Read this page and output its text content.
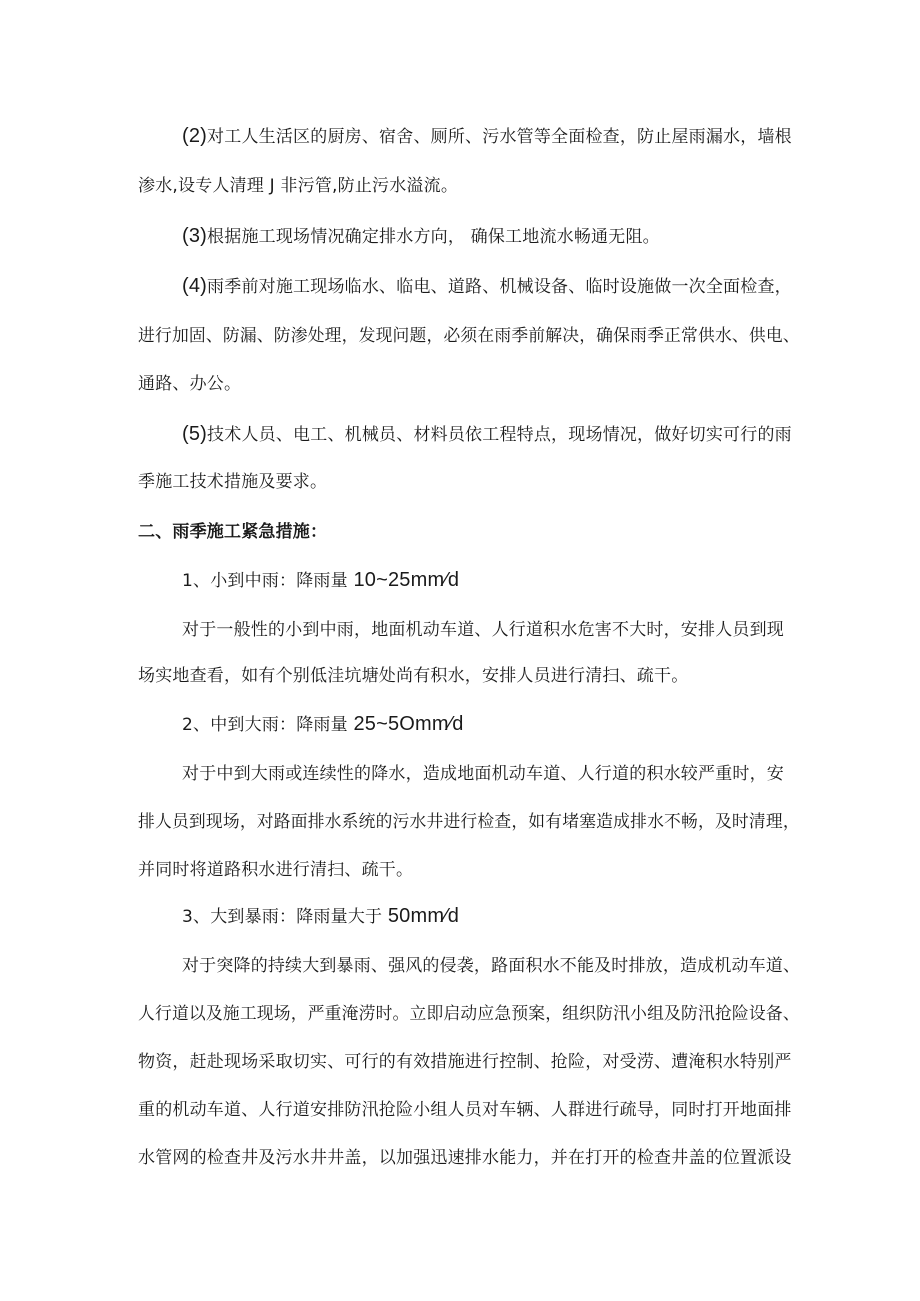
(2)对工人生活区的厨房、宿舍、厕所、污水管等全面检查，防止屋雨漏水，墙根
渗水,设专人清理 J 非污管,防止污水溢流。
(3)根据施工现场情况确定排水方向， 确保工地流水畅通无阻。
(4)雨季前对施工现场临水、临电、道路、机械设备、临时设施做一次全面检查，
进行加固、防漏、防渗处理，发现问题，必须在雨季前解决，确保雨季正常供水、供电、
通路、办公。
(5)技术人员、电工、机械员、材料员依工程特点，现场情况，做好切实可行的雨
季施工技术措施及要求。
二、雨季施工紧急措施：
1、小到中雨：降雨量 10~25mm⁄d
对于一般性的小到中雨，地面机动车道、人行道积水危害不大时，安排人员到现
场实地查看，如有个别低洼坑塘处尚有积水，安排人员进行清扫、疏干。
2、中到大雨：降雨量 25~5Omm⁄d
对于中到大雨或连续性的降水，造成地面机动车道、人行道的积水较严重时，安
排人员到现场，对路面排水系统的污水井进行检查，如有堵塞造成排水不畅，及时清理，
并同时将道路积水进行清扫、疏干。
3、大到暴雨：降雨量大于 50mm⁄d
对于突降的持续大到暴雨、强风的侵袭，路面积水不能及时排放，造成机动车道、
人行道以及施工现场，严重淹涝时。立即启动应急预案，组织防汛小组及防汛抢险设备、
物资，赶赴现场采取切实、可行的有效措施进行控制、抢险，对受涝、遭淹积水特别严
重的机动车道、人行道安排防汛抢险小组人员对车辆、人群进行疏导，同时打开地面排
水管网的检查井及污水井井盖，以加强迅速排水能力，并在打开的检查井盖的位置派设
